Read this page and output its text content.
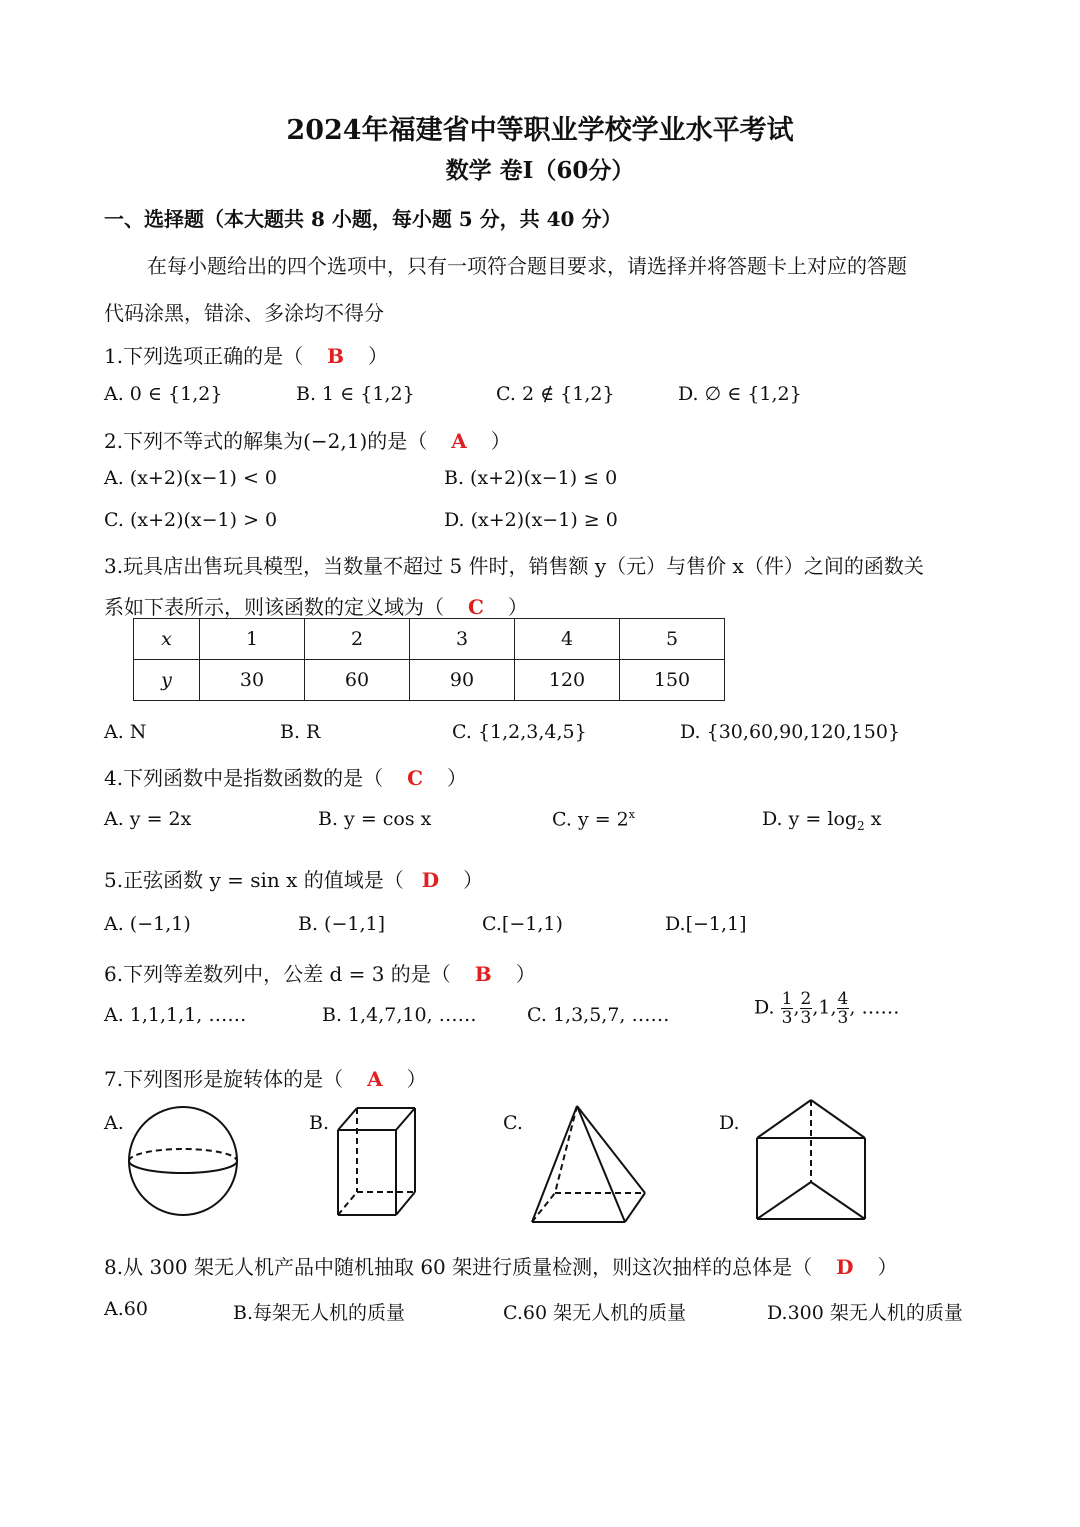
2024年福建省中等职业学校学业水平考试
数学 卷I（60分）
一、选择题（本大题共 8 小题，每小题 5 分，共 40 分）
在每小题给出的四个选项中，只有一项符合题目要求，请选择并将答题卡上对应的答题
代码涂黑，错涂、多涂均不得分
1.下列选项正确的是（ B ）
A. 0 ∈ {1,2}	B. 1 ∈ {1,2}	C. 2 ∉ {1,2}	D. ∅ ∈ {1,2}
2.下列不等式的解集为(−2,1)的是（ A ）
A. (x+2)(x−1) < 0	B. (x+2)(x−1) ≤ 0
C. (x+2)(x−1) > 0	D. (x+2)(x−1) ≥ 0
3.玩具店出售玩具模型，当数量不超过 5 件时，销售额 y（元）与售价 x（件）之间的函数关
系如下表所示，则该函数的定义域为（ C ）
x	1	2	3	4	5
y	30	60	90	120	150
A. N	B. R	C. {1,2,3,4,5}	D. {30,60,90,120,150}
4.下列函数中是指数函数的是（ C ）
A. y = 2x	B. y = cos x	C. $y = 2^x$	D. $y = \log_2 x$
5.正弦函数 y = sin x 的值域是（ D ）
A. (−1,1)	B. (−1,1]	C.[−1,1)	D.[−1,1]
6.下列等差数列中，公差 d = 3 的是（ B ）
A. 1,1,1,1, ……	B. 1,4,7,10, ……	C. 1,3,5,7, ……	D. $\frac{1}{3}$ , $\frac{2}{3} ,1$, $\frac{4}{3}$ , ……
7.下列图形是旋转体的是（ A ）
A.	B.	C.	D.
8.从 300 架无人机产品中随机抽取 60 架进行质量检测，则这次抽样的总体是（ D ）
A.60	B.每架无人机的质量	C.60 架无人机的质量	D.300 架无人机的质量
